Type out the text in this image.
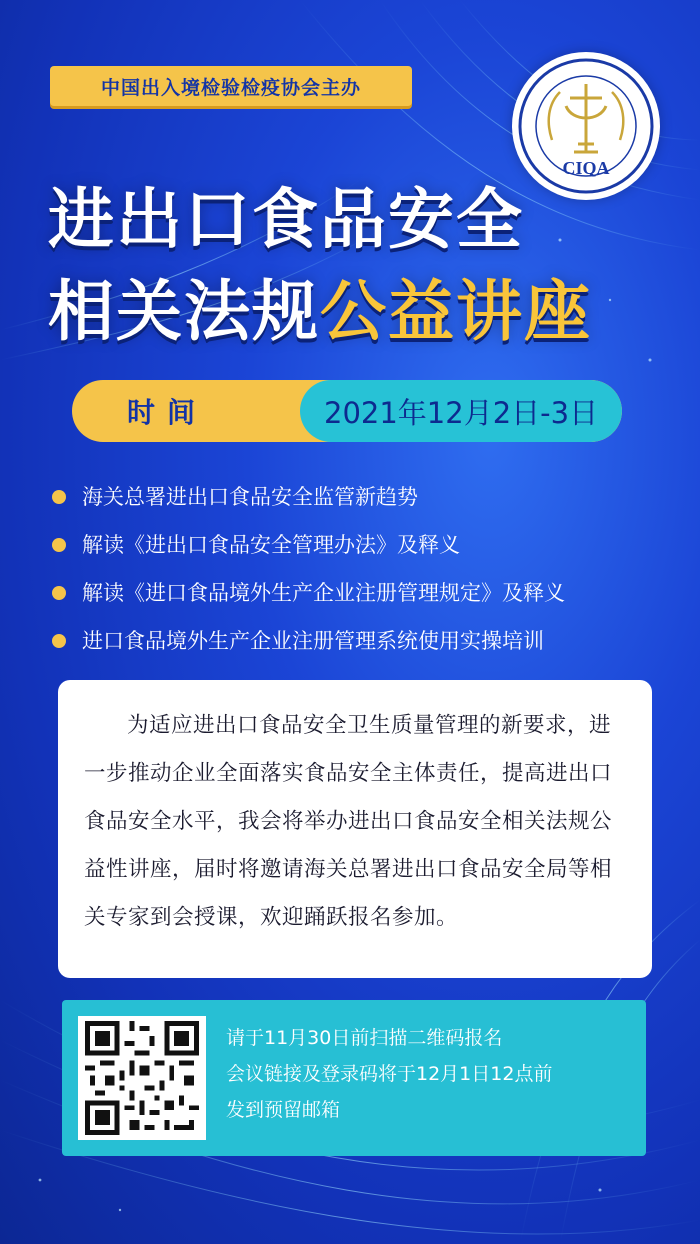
中国出入境检验检疫协会主办
CIQA
进出口食品安全
相关法规公益讲座
时间	2021年12月2日-3日
海关总署进出口食品安全监管新趋势
解读《进出口食品安全管理办法》及释义
解读《进口食品境外生产企业注册管理规定》及释义
进口食品境外生产企业注册管理系统使用实操培训
为适应进出口食品安全卫生质量管理的新要求，进一步推动企业全面落实食品安全主体责任，提高进出口食品安全水平，我会将举办进出口食品安全相关法规公益性讲座，届时将邀请海关总署进出口食品安全局等相关专家到会授课，欢迎踊跃报名参加。
请于11月30日前扫描二维码报名
会议链接及登录码将于12月1日12点前
发到预留邮箱
